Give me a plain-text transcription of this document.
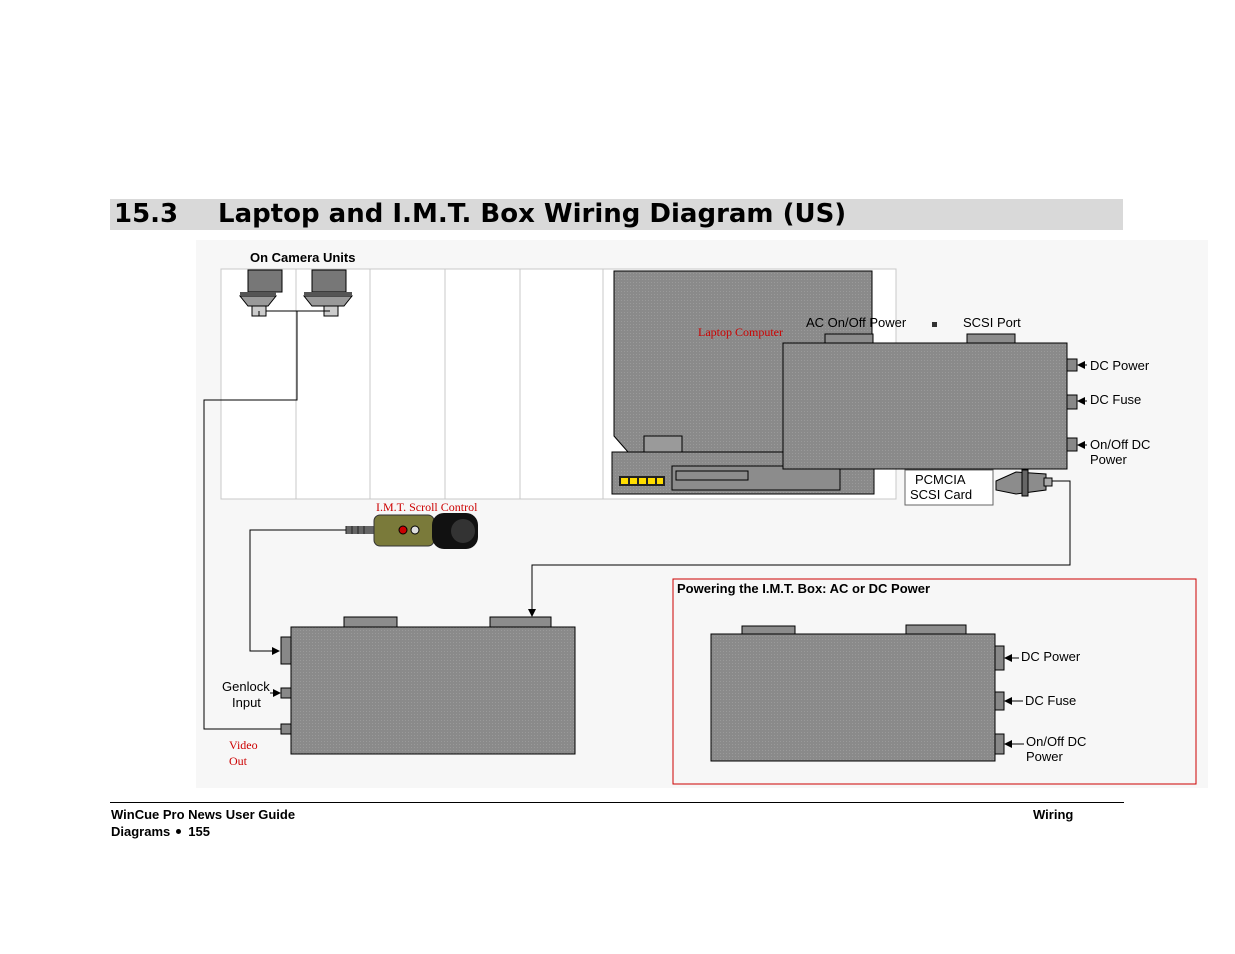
15.3 Laptop and I.M.T. Box Wiring Diagram (US)
On Camera Units
Laptop Computer
AC On/Off Power	SCSI Port
DC Power
DC Fuse
On/Off DC
Power
PCMCIA
SCSI Card
I.M.T. Scroll Control
Genlock
Input
Video
Out
Powering the I.M.T. Box: AC or DC Power
DC Power
DC Fuse
On/Off DC
Power
WinCue Pro News User Guide	Wiring
Diagrams 155
